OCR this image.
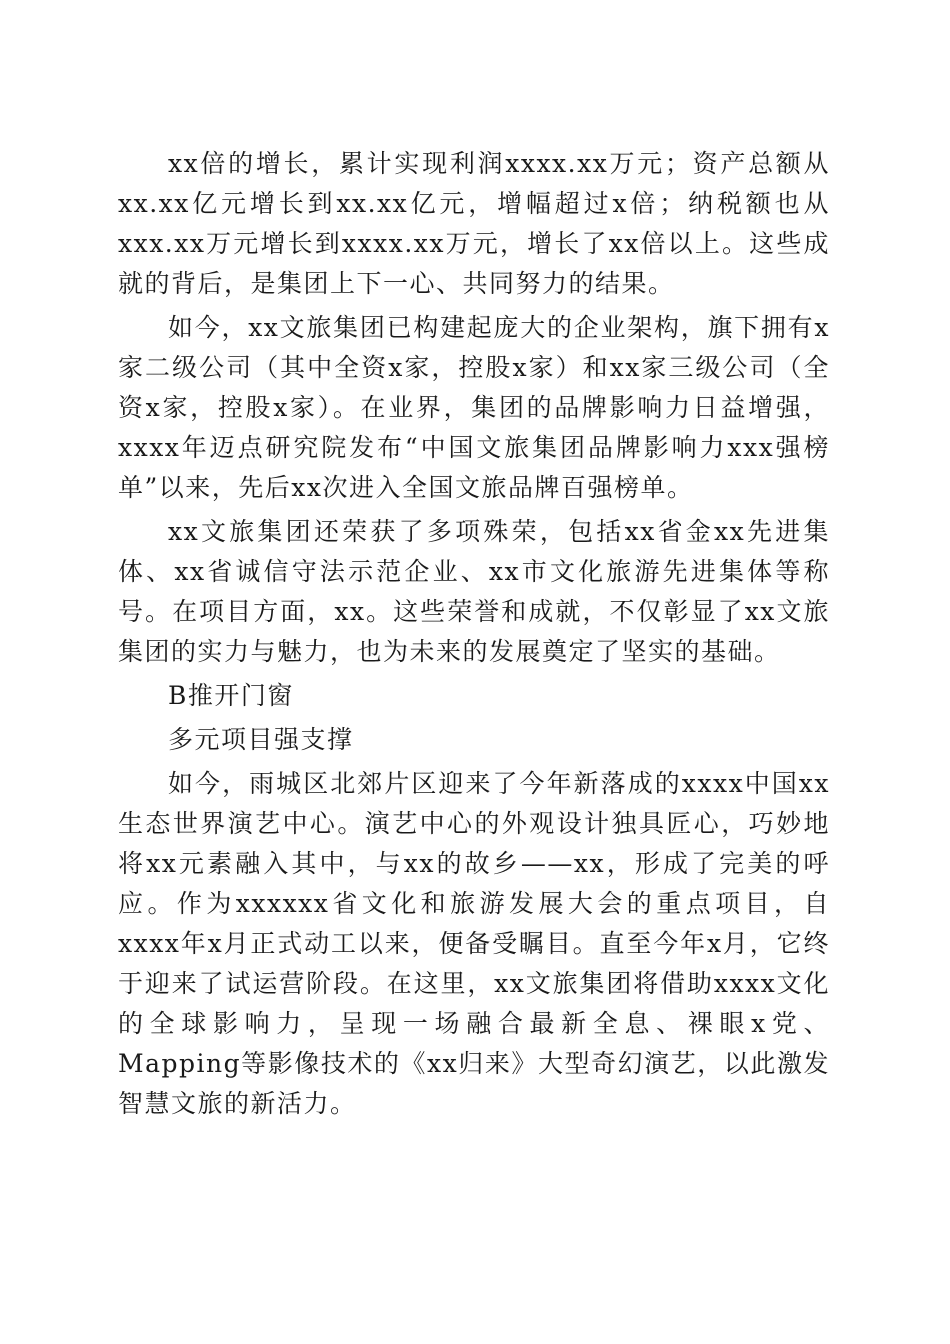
xx倍的增长，累计实现利润xxxx.xx万元；资产总额从xx.xx亿元增长到xx.xx亿元，增幅超过x倍；纳税额也从xxx.xx万元增长到xxxx.xx万元，增长了xx倍以上。这些成就的背后，是集团上下一心、共同努力的结果。

如今，xx文旅集团已构建起庞大的企业架构，旗下拥有x家二级公司（其中全资x家，控股x家）和xx家三级公司（全资x家，控股x家）。在业界，集团的品牌影响力日益增强，xxxx年迈点研究院发布“中国文旅集团品牌影响力xxx强榜单”以来，先后xx次进入全国文旅品牌百强榜单。

xx文旅集团还荣获了多项殊荣，包括xx省金xx先进集体、xx省诚信守法示范企业、xx市文化旅游先进集体等称号。在项目方面，xx。这些荣誉和成就，不仅彰显了xx文旅集团的实力与魅力，也为未来的发展奠定了坚实的基础。

B推开门窗

多元项目强支撑

如今，雨城区北郊片区迎来了今年新落成的xxxx中国xx生态世界演艺中心。演艺中心的外观设计独具匠心，巧妙地将xx元素融入其中，与xx的故乡——xx，形成了完美的呼应。作为xxxxxx省文化和旅游发展大会的重点项目，自xxxx年x月正式动工以来，便备受瞩目。直至今年x月，它终于迎来了试运营阶段。在这里，xx文旅集团将借助xxxx文化的全球影响力，呈现一场融合最新全息、裸眼x党、Mapping等影像技术的《xx归来》大型奇幻演艺，以此激发智慧文旅的新活力。
